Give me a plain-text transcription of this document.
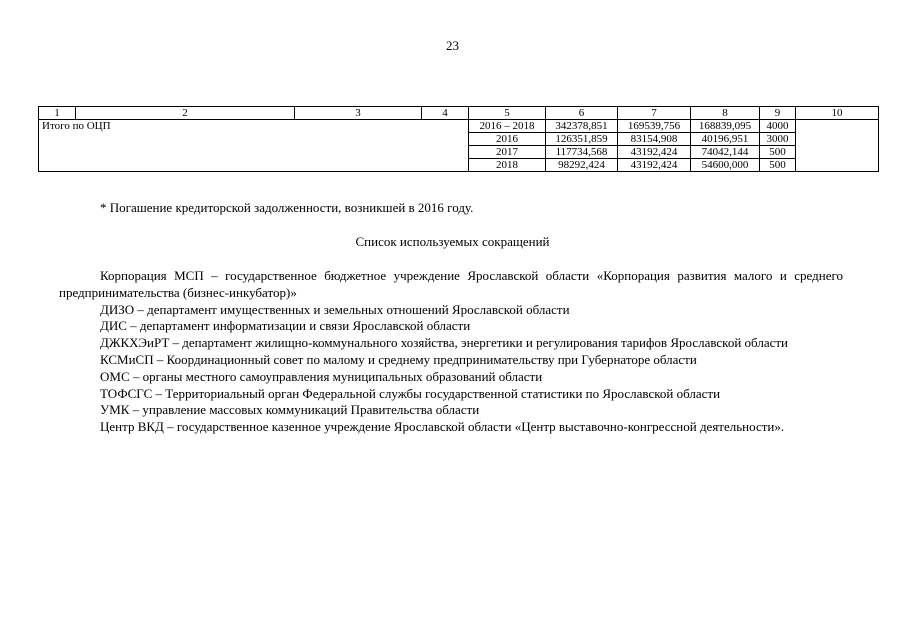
23
1	2	3	4	5	6	7	8	9	10
Итого по ОЦП				2016 – 2018	342378,851	169539,756	168839,095	4000	
				2016	126351,859	83154,908	40196,951	3000	
				2017	117734,568	43192,424	74042,144	500	
				2018	98292,424	43192,424	54600,000	500	
* Погашение кредиторской задолженности, возникшей в 2016 году.
Список используемых сокращений

Корпорация МСП – государственное бюджетное учреждение Ярославской области «Корпорация развития малого и среднего предпринимательства (бизнес-инкубатор)»

ДИЗО – департамент имущественных и земельных отношений Ярославской области

ДИС – департамент информатизации и связи Ярославской области

ДЖКХЭиРТ – департамент жилищно-коммунального хозяйства, энергетики и регулирования тарифов Ярославской области

КСМиСП – Координационный совет по малому и среднему предпринимательству при Губернаторе области

ОМС – органы местного самоуправления муниципальных образований области

ТОФСГС – Территориальный орган Федеральной службы государственной статистики по Ярославской области

УМК – управление массовых коммуникаций Правительства области

Центр ВКД – государственное казенное учреждение Ярославской области «Центр выставочно-конгрессной деятельности».
